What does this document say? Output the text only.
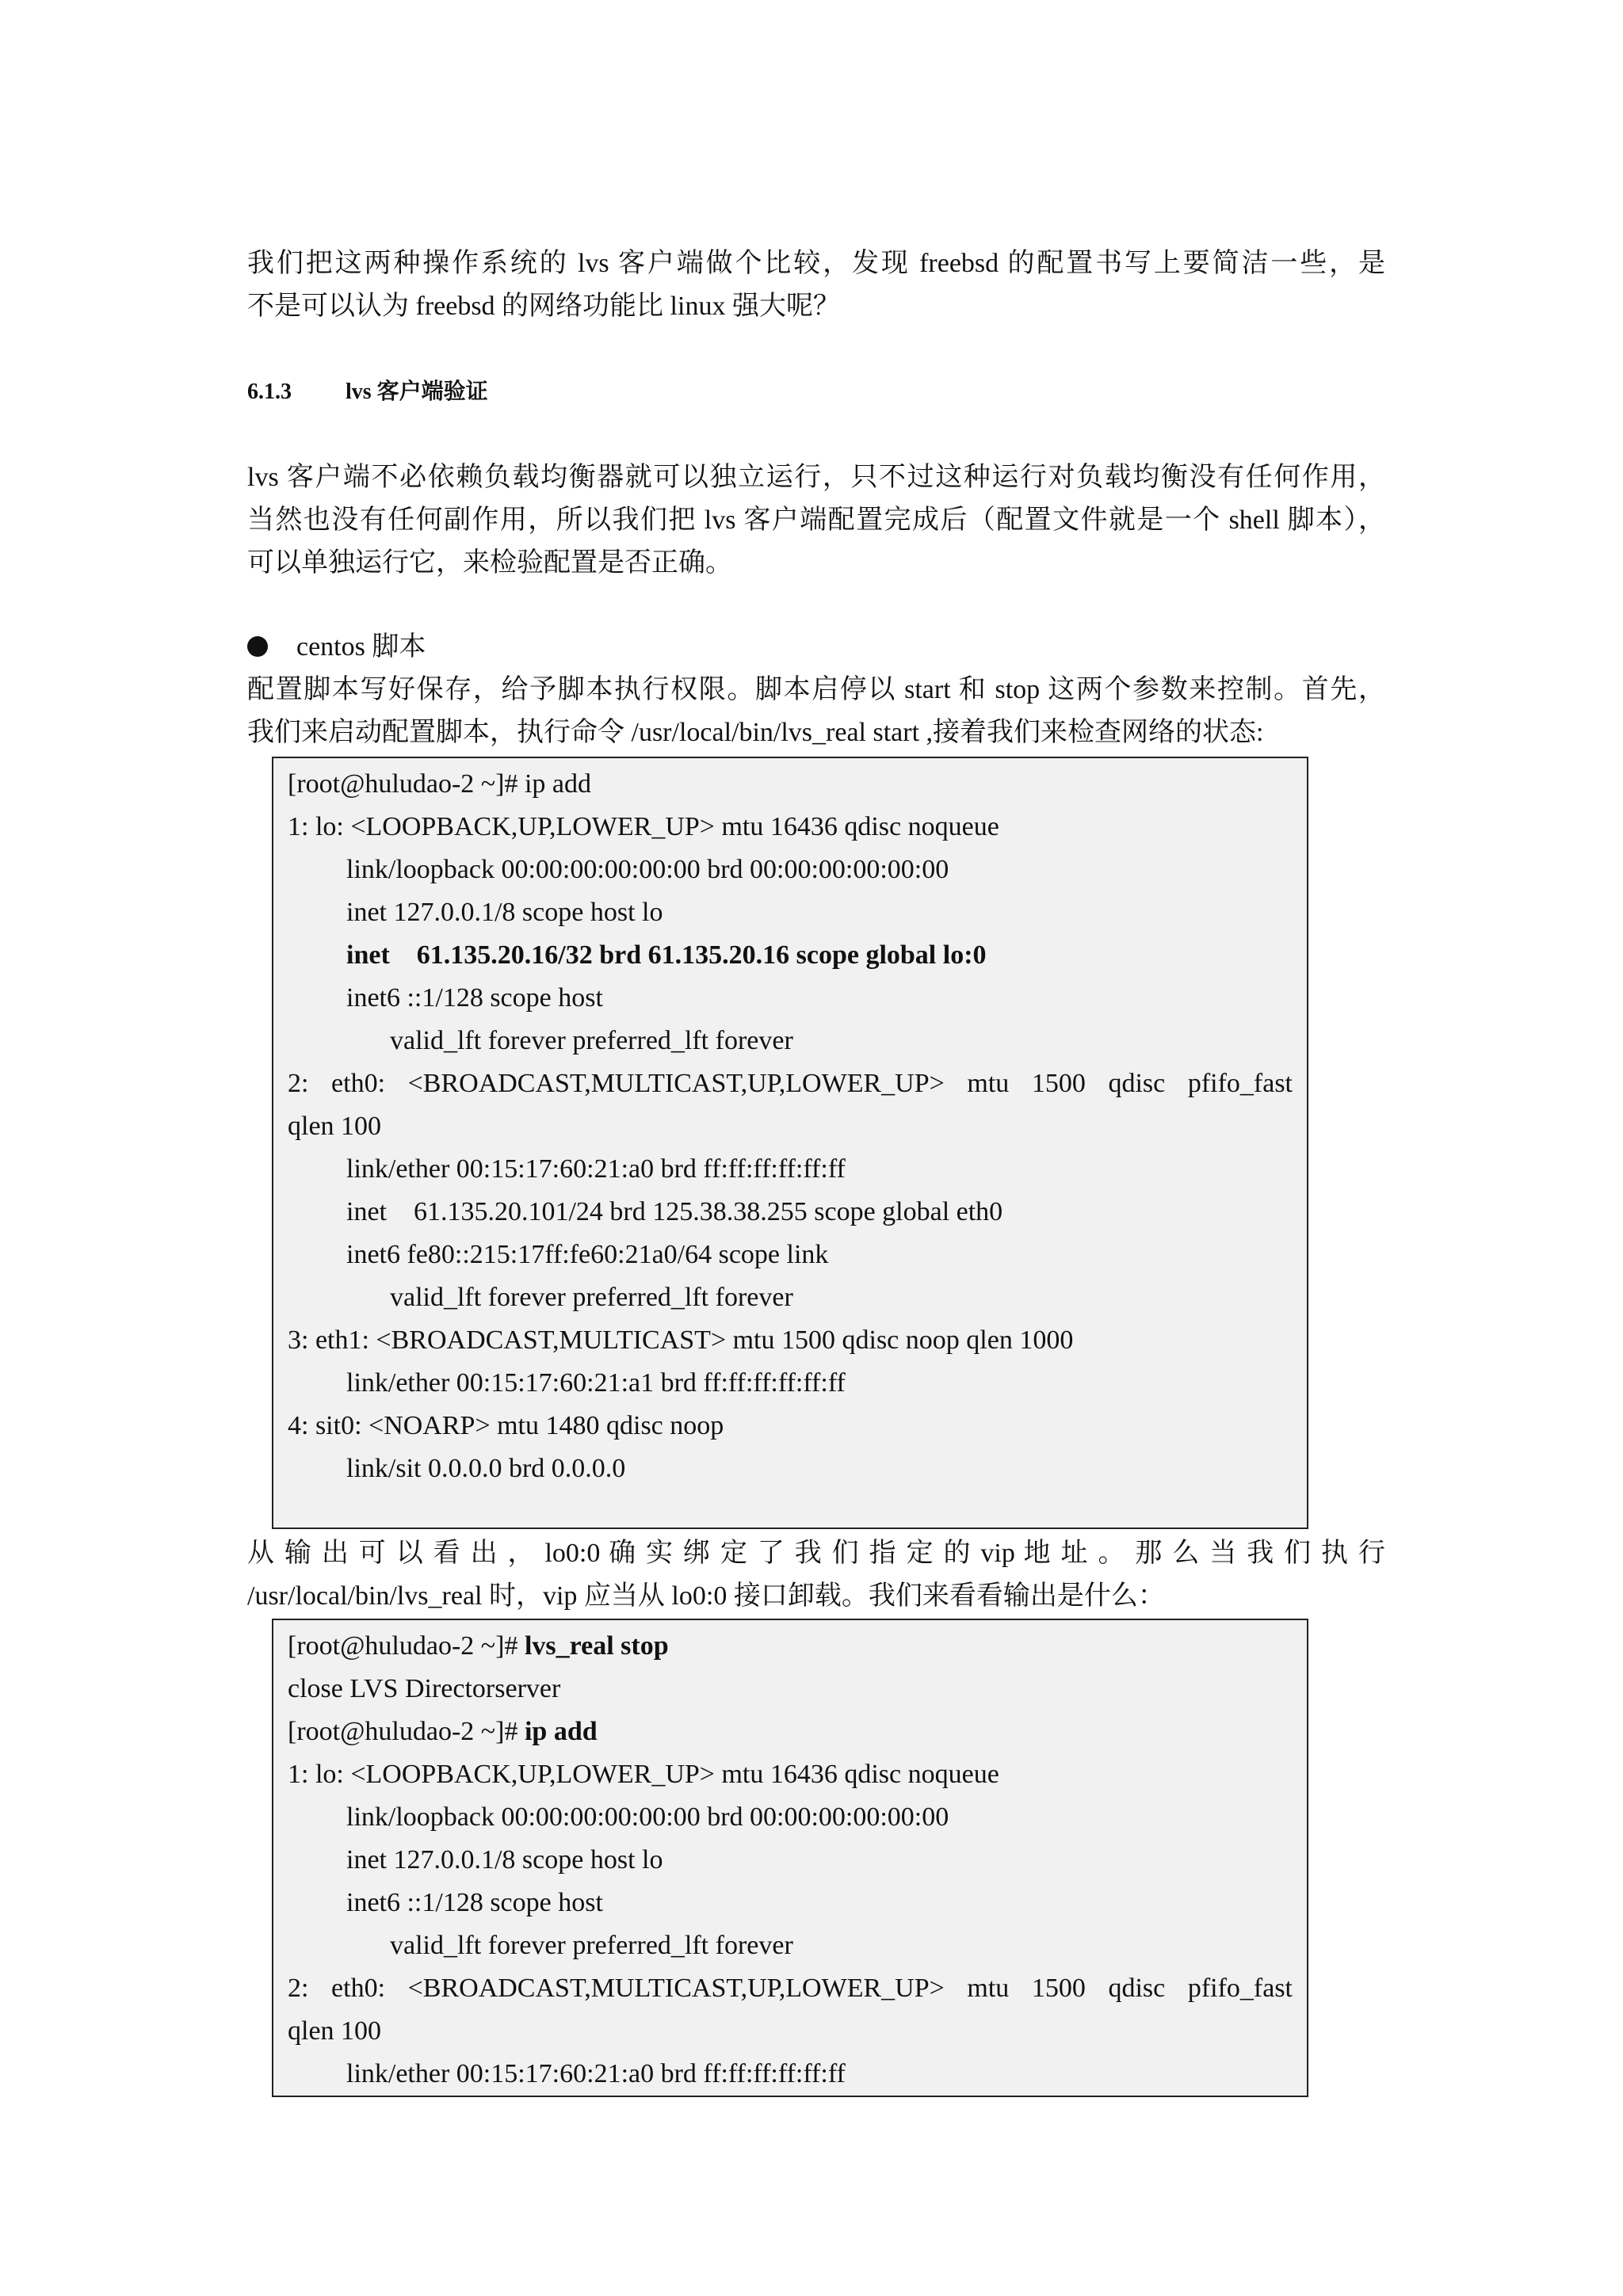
我们把这两种操作系统的 lvs 客户端做个比较，发现 freebsd 的配置书写上要简洁一些，是
不是可以认为 freebsd 的网络功能比 linux 强大呢？

6.1.3 lvs 客户端验证

lvs 客户端不必依赖负载均衡器就可以独立运行，只不过这种运行对负载均衡没有任何作用，
当然也没有任何副作用，所以我们把 lvs 客户端配置完成后（配置文件就是一个 shell 脚本），
可以单独运行它，来检验配置是否正确。

centos 脚本

配置脚本写好保存，给予脚本执行权限。脚本启停以 start 和 stop 这两个参数来控制。首先，
我们来启动配置脚本，执行命令 /usr/local/bin/lvs_real start ,接着我们来检查网络的状态:

[root@huludao-2 ~]# ip add
1: lo: <LOOPBACK,UP,LOWER_UP> mtu 16436 qdisc noqueue
link/loopback 00:00:00:00:00:00 brd 00:00:00:00:00:00
inet 127.0.0.1/8 scope host lo
inet    61.135.20.16/32 brd 61.135.20.16 scope global lo:0
inet6 ::1/128 scope host
valid_lft forever preferred_lft forever
2: eth0: <BROADCAST,MULTICAST,UP,LOWER_UP> mtu 1500 qdisc pfifo_fast
qlen 100
link/ether 00:15:17:60:21:a0 brd ff:ff:ff:ff:ff:ff
inet    61.135.20.101/24 brd 125.38.38.255 scope global eth0
inet6 fe80::215:17ff:fe60:21a0/64 scope link
valid_lft forever preferred_lft forever
3: eth1: <BROADCAST,MULTICAST> mtu 1500 qdisc noop qlen 1000
link/ether 00:15:17:60:21:a1 brd ff:ff:ff:ff:ff:ff
4: sit0: <NOARP> mtu 1480 qdisc noop
link/sit 0.0.0.0 brd 0.0.0.0

从 输 出 可 以 看 出 ， lo0:0 确 实 绑 定 了 我 们 指 定 的 vip 地 址 。 那 么 当 我 们 执 行
/usr/local/bin/lvs_real 时，vip 应当从 lo0:0 接口卸载。我们来看看输出是什么：

[root@huludao-2 ~]# lvs_real stop
close LVS Directorserver
[root@huludao-2 ~]# ip add
1: lo: <LOOPBACK,UP,LOWER_UP> mtu 16436 qdisc noqueue
link/loopback 00:00:00:00:00:00 brd 00:00:00:00:00:00
inet 127.0.0.1/8 scope host lo
inet6 ::1/128 scope host
valid_lft forever preferred_lft forever
2: eth0: <BROADCAST,MULTICAST,UP,LOWER_UP> mtu 1500 qdisc pfifo_fast
qlen 100
link/ether 00:15:17:60:21:a0 brd ff:ff:ff:ff:ff:ff
